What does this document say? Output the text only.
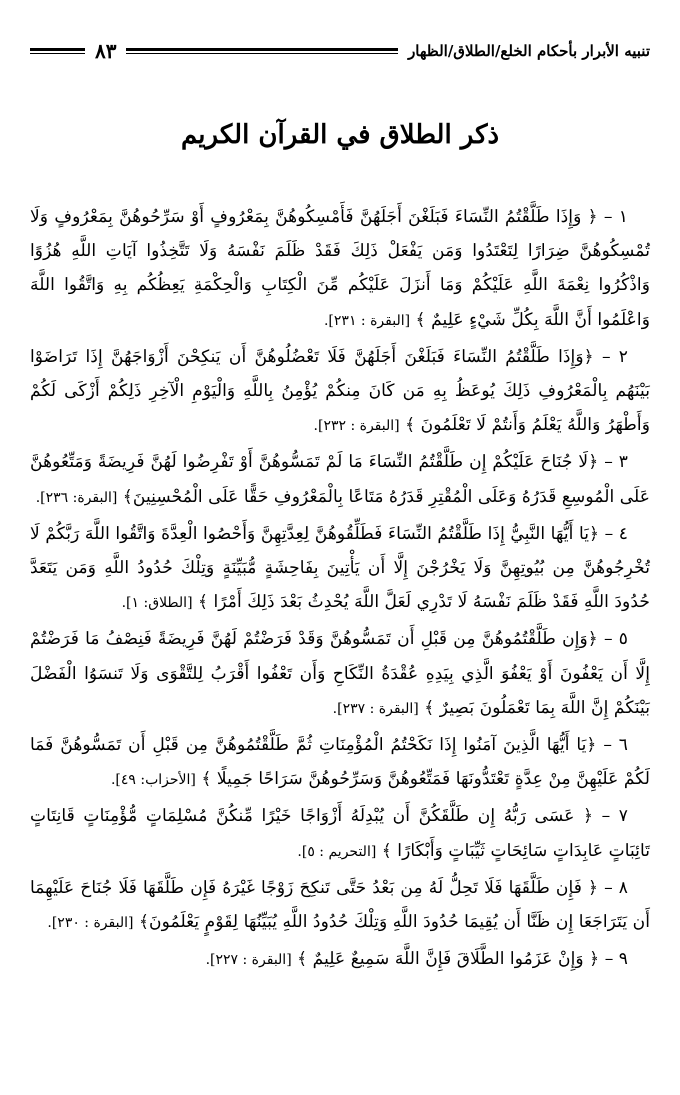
تنبيه الأبرار بأحكام الخلع/الطلاق/الظهار
٨٣
ذكر الطلاق في القرآن الكريم

١ – ﴿ وَإِذَا طَلَّقْتُمُ النِّسَاءَ فَبَلَغْنَ أَجَلَهُنَّ فَأَمْسِكُوهُنَّ بِمَعْرُوفٍ أَوْ سَرِّحُوهُنَّ بِمَعْرُوفٍ وَلَا تُمْسِكُوهُنَّ ضِرَارًا لِتَعْتَدُوا وَمَن يَفْعَلْ ذَلِكَ فَقَدْ ظَلَمَ نَفْسَهُ وَلَا تَتَّخِذُوا آيَاتِ اللَّهِ هُزُوًا وَاذْكُرُوا نِعْمَةَ اللَّهِ عَلَيْكُمْ وَمَا أَنزَلَ عَلَيْكُم مِّنَ الْكِتَابِ وَالْحِكْمَةِ يَعِظُكُم بِهِ وَاتَّقُوا اللَّهَ وَاعْلَمُوا أَنَّ اللَّهَ بِكُلِّ شَيْءٍ عَلِيمٌ ﴾ [البقرة : ٢٣١].

٢ – ﴿وَإِذَا طَلَّقْتُمُ النِّسَاءَ فَبَلَغْنَ أَجَلَهُنَّ فَلَا تَعْضُلُوهُنَّ أَن يَنكِحْنَ أَزْوَاجَهُنَّ إِذَا تَرَاضَوْا بَيْنَهُم بِالْمَعْرُوفِ ذَلِكَ يُوعَظُ بِهِ مَن كَانَ مِنكُمْ يُؤْمِنُ بِاللَّهِ وَالْيَوْمِ الْآخِرِ ذَلِكُمْ أَزْكَى لَكُمْ وَأَطْهَرُ وَاللَّهُ يَعْلَمُ وَأَنتُمْ لَا تَعْلَمُونَ ﴾ [البقرة : ٢٣٢].

٣ – ﴿لَا جُنَاحَ عَلَيْكُمْ إِن طَلَّقْتُمُ النِّسَاءَ مَا لَمْ تَمَسُّوهُنَّ أَوْ تَفْرِضُوا لَهُنَّ فَرِيضَةً وَمَتِّعُوهُنَّ عَلَى الْمُوسِعِ قَدَرُهُ وَعَلَى الْمُقْتِرِ قَدَرُهُ مَتَاعًا بِالْمَعْرُوفِ حَقًّا عَلَى الْمُحْسِنِينَ﴾ [البقرة: ٢٣٦].

٤ – ﴿يَا أَيُّهَا النَّبِيُّ إِذَا طَلَّقْتُمُ النِّسَاءَ فَطَلِّقُوهُنَّ لِعِدَّتِهِنَّ وَأَحْصُوا الْعِدَّةَ وَاتَّقُوا اللَّهَ رَبَّكُمْ لَا تُخْرِجُوهُنَّ مِن بُيُوتِهِنَّ وَلَا يَخْرُجْنَ إِلَّا أَن يَأْتِينَ بِفَاحِشَةٍ مُّبَيِّنَةٍ وَتِلْكَ حُدُودُ اللَّهِ وَمَن يَتَعَدَّ حُدُودَ اللَّهِ فَقَدْ ظَلَمَ نَفْسَهُ لَا تَدْرِي لَعَلَّ اللَّهَ يُحْدِثُ بَعْدَ ذَلِكَ أَمْرًا ﴾ [الطلاق: ١].

٥ – ﴿وَإِن طَلَّقْتُمُوهُنَّ مِن قَبْلِ أَن تَمَسُّوهُنَّ وَقَدْ فَرَضْتُمْ لَهُنَّ فَرِيضَةً فَنِصْفُ مَا فَرَضْتُمْ إِلَّا أَن يَعْفُونَ أَوْ يَعْفُوَ الَّذِي بِيَدِهِ عُقْدَةُ النِّكَاحِ وَأَن تَعْفُوا أَقْرَبُ لِلتَّقْوَى وَلَا تَنسَوُا الْفَضْلَ بَيْنَكُمْ إِنَّ اللَّهَ بِمَا تَعْمَلُونَ بَصِيرٌ ﴾ [البقرة : ٢٣٧].

٦ – ﴿يَا أَيُّهَا الَّذِينَ آمَنُوا إِذَا نَكَحْتُمُ الْمُؤْمِنَاتِ ثُمَّ طَلَّقْتُمُوهُنَّ مِن قَبْلِ أَن تَمَسُّوهُنَّ فَمَا لَكُمْ عَلَيْهِنَّ مِنْ عِدَّةٍ تَعْتَدُّونَهَا فَمَتِّعُوهُنَّ وَسَرِّحُوهُنَّ سَرَاحًا جَمِيلًا ﴾ [الأحزاب: ٤٩].

٧ – ﴿ عَسَى رَبُّهُ إِن طَلَّقَكُنَّ أَن يُبْدِلَهُ أَزْوَاجًا خَيْرًا مِّنكُنَّ مُسْلِمَاتٍ مُّؤْمِنَاتٍ قَانِتَاتٍ تَائِبَاتٍ عَابِدَاتٍ سَائِحَاتٍ ثَيِّبَاتٍ وَأَبْكَارًا ﴾ [التحريم : ٥].

٨ – ﴿ فَإِن طَلَّقَهَا فَلَا تَحِلُّ لَهُ مِن بَعْدُ حَتَّى تَنكِحَ زَوْجًا غَيْرَهُ فَإِن طَلَّقَهَا فَلَا جُنَاحَ عَلَيْهِمَا أَن يَتَرَاجَعَا إِن ظَنَّا أَن يُقِيمَا حُدُودَ اللَّهِ وَتِلْكَ حُدُودُ اللَّهِ يُبَيِّنُهَا لِقَوْمٍ يَعْلَمُونَ﴾ [البقرة : ٢٣٠].

٩ – ﴿ وَإِنْ عَزَمُوا الطَّلَاقَ فَإِنَّ اللَّهَ سَمِيعٌ عَلِيمٌ ﴾ [البقرة : ٢٢٧].
